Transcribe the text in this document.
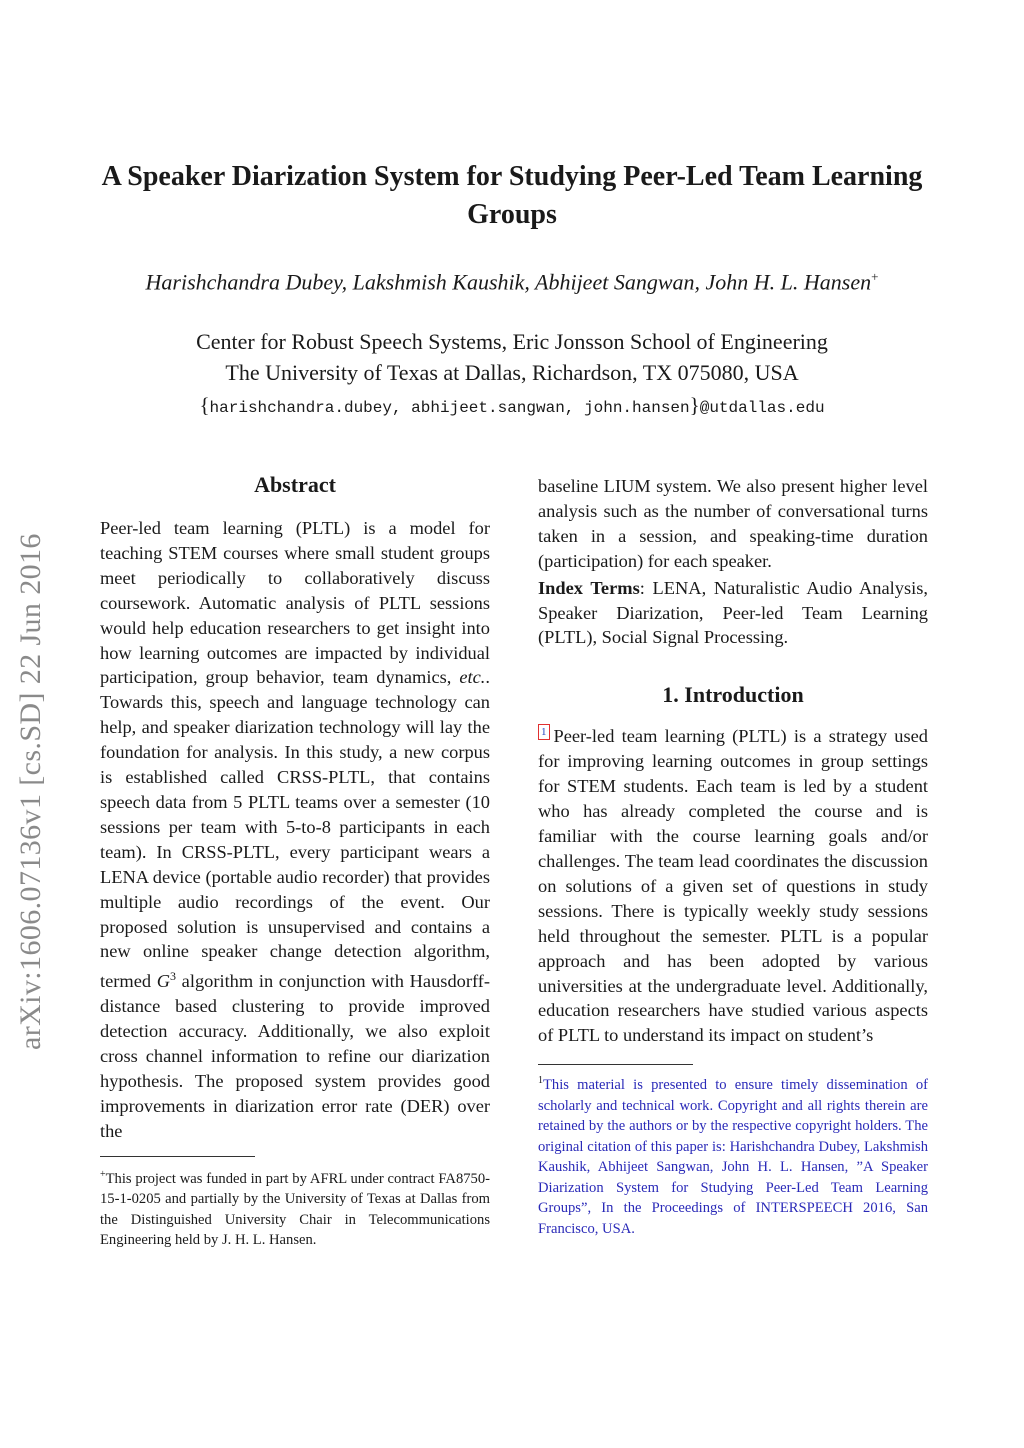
A Speaker Diarization System for Studying Peer-Led Team Learning Groups
Harishchandra Dubey, Lakshmish Kaushik, Abhijeet Sangwan, John H. L. Hansen+
Center for Robust Speech Systems, Eric Jonsson School of Engineering
The University of Texas at Dallas, Richardson, TX 075080, USA
{harishchandra.dubey, abhijeet.sangwan, john.hansen}@utdallas.edu
arXiv:1606.07136v1 [cs.SD] 22 Jun 2016
Abstract

Peer-led team learning (PLTL) is a model for teaching STEM courses where small student groups meet periodically to collaboratively discuss coursework. Automatic analysis of PLTL sessions would help education researchers to get insight into how learning outcomes are impacted by individual participation, group behavior, team dynamics, etc.. Towards this, speech and language technology can help, and speaker diarization technology will lay the foundation for analysis. In this study, a new corpus is established called CRSS-PLTL, that contains speech data from 5 PLTL teams over a semester (10 sessions per team with 5-to-8 participants in each team). In CRSS-PLTL, every participant wears a LENA device (portable audio recorder) that provides multiple audio recordings of the event. Our proposed solution is unsupervised and contains a new online speaker change detection algorithm, termed $G^3$ algorithm in conjunction with Hausdorff-distance based clustering to provide improved detection accuracy. Additionally, we also exploit cross channel information to refine our diarization hypothesis. The proposed system provides good improvements in diarization error rate (DER) over the

+This project was funded in part by AFRL under contract FA8750-15-1-0205 and partially by the University of Texas at Dallas from the Distinguished University Chair in Telecommunications Engineering held by J. H. L. Hansen.

baseline LIUM system. We also present higher level analysis such as the number of conversational turns taken in a session, and speaking-time duration (participation) for each speaker.

Index Terms: LENA, Naturalistic Audio Analysis, Speaker Diarization, Peer-led Team Learning (PLTL), Social Signal Processing.

1. Introduction

1 Peer-led team learning (PLTL) is a strategy used for improving learning outcomes in group settings for STEM students. Each team is led by a student who has already completed the course and is familiar with the course learning goals and/or challenges. The team lead coordinates the discussion on solutions of a given set of questions in study sessions. There is typically weekly study sessions held throughout the semester. PLTL is a popular approach and has been adopted by various universities at the undergraduate level. Additionally, education researchers have studied various aspects of PLTL to understand its impact on student’s

$^1$This material is presented to ensure timely dissemination of scholarly and technical work. Copyright and all rights therein are retained by the authors or by the respective copyright holders. The original citation of this paper is: Harishchandra Dubey, Lakshmish Kaushik, Abhijeet Sangwan, John H. L. Hansen, ”A Speaker Diarization System for Studying Peer-Led Team Learning Groups”, In the Proceedings of INTERSPEECH 2016, San Francisco, USA.
